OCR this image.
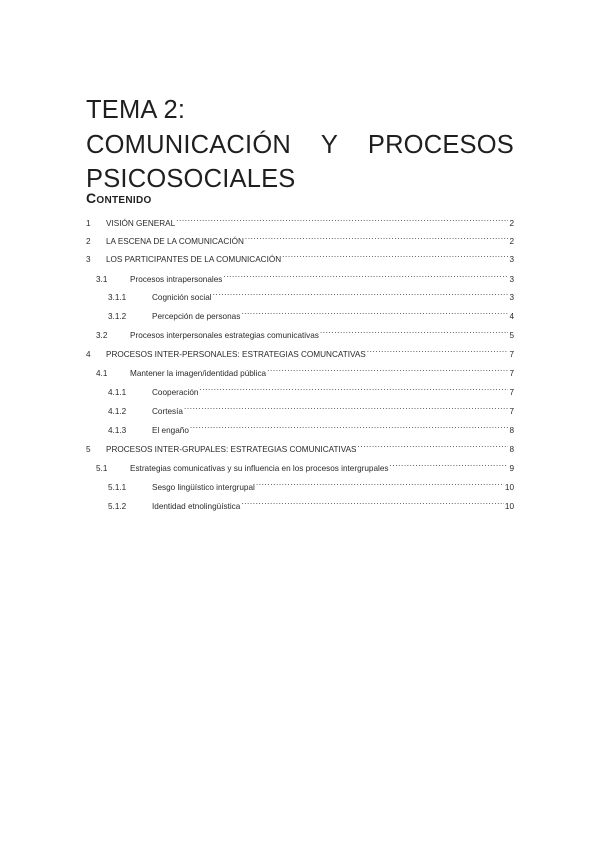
TEMA 2:
COMUNICACIÓN Y PROCESOS
PSICOSOCIALES
Contenido
1	VISIÓN GENERAL .....	2
2	LA ESCENA DE LA COMUNICACIÓN .....	2
3	LOS PARTICIPANTES DE LA COMUNICACIÓN .....	3
3.1	Procesos intrapersonales .....	3
3.1.1	Cognición social .....	3
3.1.2	Percepción de personas .....	4
3.2	Procesos interpersonales estrategias comunicativas .....	5
4	PROCESOS INTER-PERSONALES: ESTRATEGIAS COMUNCATIVAS .....	7
4.1	Mantener la imagen/identidad pública .....	7
4.1.1	Cooperación .....	7
4.1.2	Cortesía .....	7
4.1.3	El engaño .....	8
5	PROCESOS INTER-GRUPALES: ESTRATEGIAS COMUNICATIVAS .....	8
5.1	Estrategias comunicativas y su influencia en los procesos intergrupales .....	9
5.1.1	Sesgo lingüístico intergrupal .....	10
5.1.2	Identidad etnolingüística .....	10
